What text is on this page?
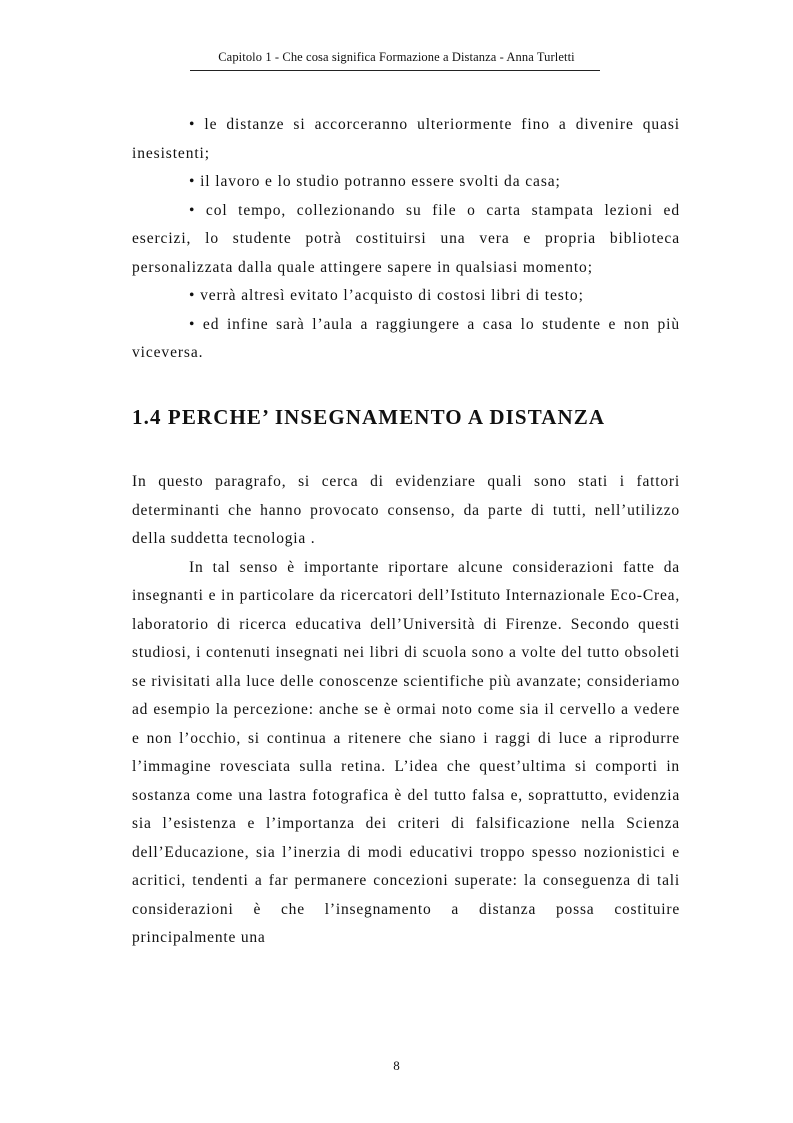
Capitolo 1 - Che cosa significa Formazione a Distanza - Anna Turletti

• le distanze si accorceranno ulteriormente fino a divenire quasi inesistenti;

• il lavoro e lo studio potranno essere svolti da casa;

• col tempo, collezionando su file o carta stampata lezioni ed esercizi, lo studente potrà costituirsi una vera e propria biblioteca personalizzata dalla quale attingere sapere in qualsiasi momento;

• verrà altresì evitato l’acquisto di costosi libri di testo;

• ed infine sarà l’aula a raggiungere a casa lo studente e non più viceversa.

1.4 PERCHE’ INSEGNAMENTO A DISTANZA

In questo paragrafo, si cerca di evidenziare quali sono stati i fattori determinanti che hanno provocato consenso, da parte di tutti, nell’utilizzo della suddetta tecnologia .

In tal senso è importante riportare alcune considerazioni fatte da insegnanti e in particolare da ricercatori dell’Istituto Internazionale Eco-Crea, laboratorio di ricerca educativa dell’Università di Firenze. Secondo questi studiosi, i contenuti insegnati nei libri di scuola sono a volte del tutto obsoleti se rivisitati alla luce delle conoscenze scientifiche più avanzate; consideriamo ad esempio la percezione: anche se è ormai noto come sia il cervello a vedere e non l’occhio, si continua a ritenere che siano i raggi di luce a riprodurre l’immagine rovesciata sulla retina. L’idea che quest’ultima si comporti in sostanza come una lastra fotografica è del tutto falsa e, soprattutto, evidenzia sia l’esistenza e l’importanza dei criteri di falsificazione nella Scienza dell’Educazione, sia l’inerzia di modi educativi troppo spesso nozionistici e acritici, tendenti a far permanere concezioni superate: la conseguenza di tali considerazioni è che l’insegnamento a distanza possa costituire principalmente una

8
